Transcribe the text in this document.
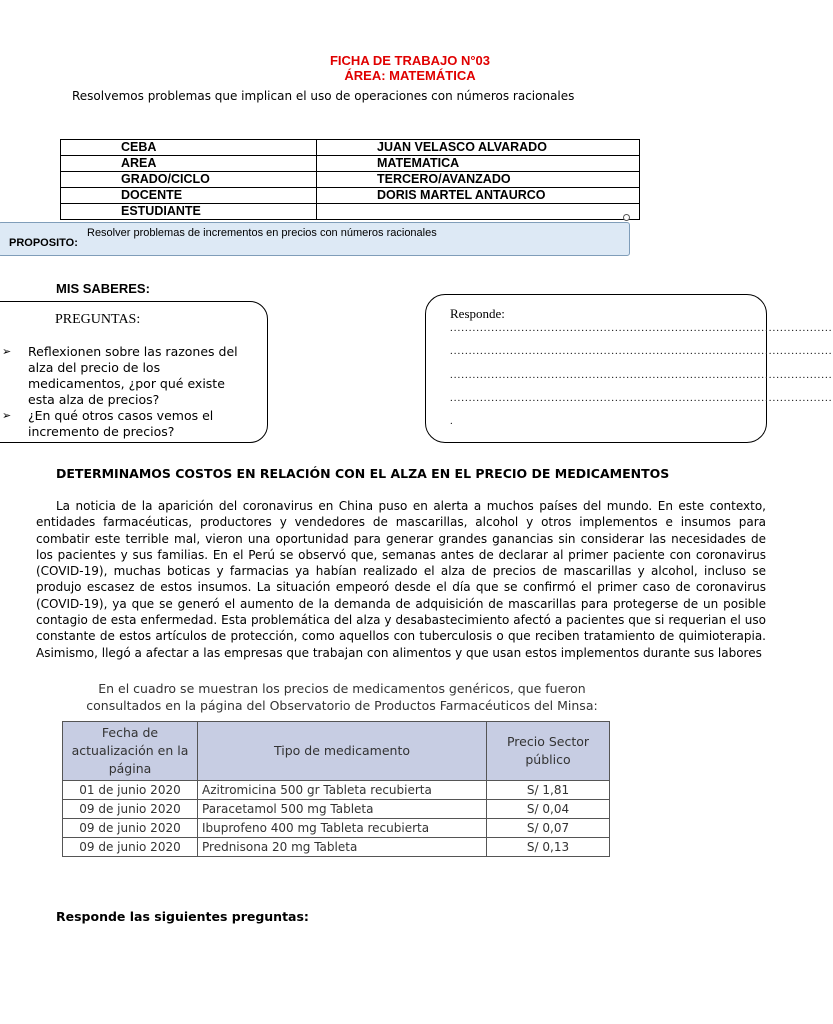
FICHA DE TRABAJO N°03
ÁREA: MATEMÁTICA
Resolvemos problemas que implican el uso de operaciones con números racionales
CEBA	JUAN VELASCO ALVARADO
AREA	MATEMATICA
GRADO/CICLO	TERCERO/AVANZADO
DOCENTE	DORIS MARTEL ANTAURCO
ESTUDIANTE	
PROPOSITO:
Resolver problemas de incrementos en precios con números racionales
MIS SABERES:
PREGUNTAS:
➢ Reflexionen sobre las razones del alza del precio de los medicamentos, ¿por qué existe esta alza de precios?
➢ ¿En qué otros casos vemos el incremento de precios?
Responde:
......................................................................................................
......................................................................................................
......................................................................................................
......................................................................................................
.
DETERMINAMOS COSTOS EN RELACIÓN CON EL ALZA EN EL PRECIO DE MEDICAMENTOS
La noticia de la aparición del coronavirus en China puso en alerta a muchos países del mundo. En este contexto, entidades farmacéuticas, productores y vendedores de mascarillas, alcohol y otros implementos e insumos para combatir este terrible mal, vieron una oportunidad para generar grandes ganancias sin considerar las necesidades de los pacientes y sus familias. En el Perú se observó que, semanas antes de declarar al primer paciente con coronavirus (COVID-19), muchas boticas y farmacias ya habían realizado el alza de precios de mascarillas y alcohol, incluso se produjo escasez de estos insumos. La situación empeoró desde el día que se confirmó el primer caso de coronavirus (COVID-19), ya que se generó el aumento de la demanda de adquisición de mascarillas para protegerse de un posible contagio de esta enfermedad. Esta problemática del alza y desabastecimiento afectó a pacientes que si requerian el uso constante de estos artículos de protección, como aquellos con tuberculosis o que reciben tratamiento de quimioterapia. Asimismo, llegó a afectar a las empresas que trabajan con alimentos y que usan estos implementos durante sus labores
En el cuadro se muestran los precios de medicamentos genéricos, que fueron consultados en la página del Observatorio de Productos Farmacéuticos del Minsa:
Fecha de actualización en la página	Tipo de medicamento	Precio Sector público
01 de junio 2020	Azitromicina 500 gr Tableta recubierta	S/ 1,81
09 de junio 2020	Paracetamol 500 mg Tableta	S/ 0,04
09 de junio 2020	Ibuprofeno 400 mg Tableta recubierta	S/ 0,07
09 de junio 2020	Prednisona 20 mg Tableta	S/ 0,13
Responde las siguientes preguntas:
